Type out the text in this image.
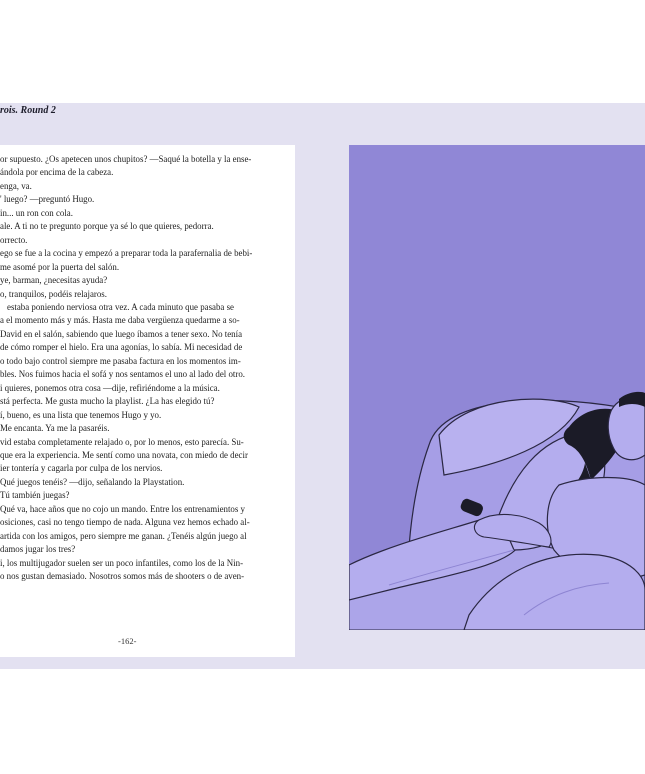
rois. Round 2
or supuesto. ¿Os apetecen unos chupitos? —Saqué la botella y la ense-
ándola por encima de la cabeza.
enga, va.
' luego? —preguntó Hugo.
in... un ron con cola.
ale. A ti no te pregunto porque ya sé lo que quieres, pedorra.
orrecto.
ego se fue a la cocina y empezó a preparar toda la parafernalia de bebi-
me asomé por la puerta del salón.
ye, barman, ¿necesitas ayuda?
o, tranquilos, podéis relajaros.
estaba poniendo nerviosa otra vez. A cada minuto que pasaba se
a el momento más y más. Hasta me daba vergüenza quedarme a so-
David en el salón, sabiendo que luego íbamos a tener sexo. No tenía
de cómo romper el hielo. Era una agonías, lo sabía. Mi necesidad de
o todo bajo control siempre me pasaba factura en los momentos im-
bles. Nos fuimos hacia el sofá y nos sentamos el uno al lado del otro.
i quieres, ponemos otra cosa —dije, refiriéndome a la música.
stá perfecta. Me gusta mucho la playlist. ¿La has elegido tú?
í, bueno, es una lista que tenemos Hugo y yo.
Me encanta. Ya me la pasaréis.
vid estaba completamente relajado o, por lo menos, esto parecía. Su-
que era la experiencia. Me sentí como una novata, con miedo de decir
ier tontería y cagarla por culpa de los nervios.
Qué juegos tenéis? —dijo, señalando la Playstation.
Tú también juegas?
Qué va, hace años que no cojo un mando. Entre los entrenamientos y
osiciones, casi no tengo tiempo de nada. Alguna vez hemos echado al-
artida con los amigos, pero siempre me ganan. ¿Tenéis algún juego al
damos jugar los tres?
i, los multijugador suelen ser un poco infantiles, como los de la Nin-
o nos gustan demasiado. Nosotros somos más de shooters o de aven-
-162-
